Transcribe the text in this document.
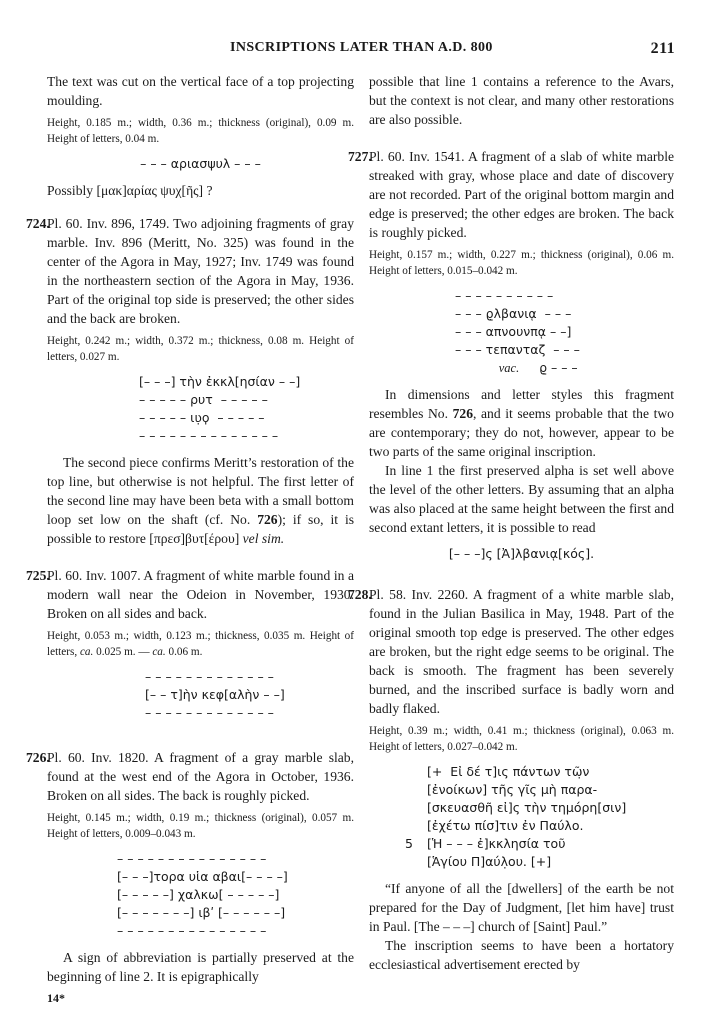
INSCRIPTIONS LATER THAN A.D. 800	211

The text was cut on the vertical face of a top projecting moulding.

Height, 0.185 m.; width, 0.36 m.; thickness (original), 0.09 m. Height of letters, 0.04 m.

– – – αριασψυλ – – –

Possibly [μακ]αρίας ψυχ[ῆς] ?

724.

Pl. 60. Inv. 896, 1749. Two adjoining fragments of gray marble. Inv. 896 (Meritt, No. 325) was found in the center of the Agora in May, 1927; Inv. 1749 was found in the northeastern section of the Agora in May, 1936. Part of the original top side is preserved; the other sides and the back are broken.

Height, 0.242 m.; width, 0.372 m.; thickness, 0.08 m. Height of letters, 0.027 m.

[– – –] τὴν ἐκκλ[ησίαν – –]
– – – – – ρυτ  – – – – –
– – – – – ιʋ̣ϙ  – – – – –
– – – – – – – – – – – – – –

The second piece confirms Meritt’s restoration of the top line, but otherwise is not helpful. The first letter of the second line may have been beta with a small bottom loop set low on the shaft (cf. No. 726); if so, it is possible to restore [πρεσ]βυτ[έρου] vel sim.

725.

Pl. 60. Inv. 1007. A fragment of white marble found in a modern wall near the Odeion in November, 1930. Broken on all sides and back.

Height, 0.053 m.; width, 0.123 m.; thickness, 0.035 m. Height of letters, ca. 0.025 m. — ca. 0.06 m.

– – – – – – – – – – – – –
[– – τ]ὴν κεφ[αλὴν – –]
– – – – – – – – – – – – –
726.

Pl. 60. Inv. 1820. A fragment of a gray marble slab, found at the west end of the Agora in October, 1936. Broken on all sides. The back is roughly picked.

Height, 0.145 m.; width, 0.19 m.; thickness (original), 0.057 m. Height of letters, 0.009–0.043 m.

– – – – – – – – – – – – – – –
[– – –]τορα υἱα αβαι[– – – –]
[– – – – –] χαλκω[ – – – – –]
[– – – – – – –] ιβʹ [– – – – – –]
– – – – – – – – – – – – – – –

A sign of abbreviation is partially preserved at the beginning of line 2. It is epigraphically

possible that line 1 contains a reference to the Avars, but the context is not clear, and many other restorations are also possible.

727.

Pl. 60. Inv. 1541. A fragment of a slab of white marble streaked with gray, whose place and date of discovery are not recorded. Part of the original bottom margin and edge is preserved; the other edges are broken. The back is roughly picked.

Height, 0.157 m.; width, 0.227 m.; thickness (original), 0.06 m. Height of letters, 0.015–0.042 m.

– – – – – – – – – –
– – – ϱ̣λβανιᾳ  – – –
– – – απνουνπᾳ – –]
– – – τεπανταζ  – – –
vac. ϱ̣ – – –

In dimensions and letter styles this fragment resembles No. 726, and it seems probable that the two are contemporary; they do not, however, appear to be two parts of the same original inscription.

In line 1 the first preserved alpha is set well above the level of the other letters. By assuming that an alpha was also placed at the same height between the first and second extant letters, it is possible to read

[– – –]ς [Ἀ]λβανιᾳ[κός].
728.

Pl. 58. Inv. 2260. A fragment of a white marble slab, found in the Julian Basilica in May, 1948. Part of the original smooth top edge is preserved. The other edges are broken, but the right edge seems to be original. The back is smooth. The fragment has been severely burned, and the inscribed surface is badly worn and badly flaked.

Height, 0.39 m.; width, 0.41 m.; thickness (original), 0.063 m. Height of letters, 0.027–0.042 m.

[+  Εἰ δέ τ]ις πάντων τῶ̣ν
[ἐνοίκων] τῆς γῖς μὴ παρα-
[σκευασθῆ εἰ]ς τὴν τημόρη[σιν]
[ἐχέτω πίσ]τιν ἐν Παύλο.
5 [Ἡ – – – ἐ]κκλησία τοῦ
[Ἁγίου Π]αύλ̣ου. [+]

“If anyone of all the [dwellers] of the earth be not prepared for the Day of Judgment, [let him have] trust in Paul. [The – – –] church of [Saint] Paul.”

The inscription seems to have been a hortatory ecclesiastical advertisement erected by

14*
